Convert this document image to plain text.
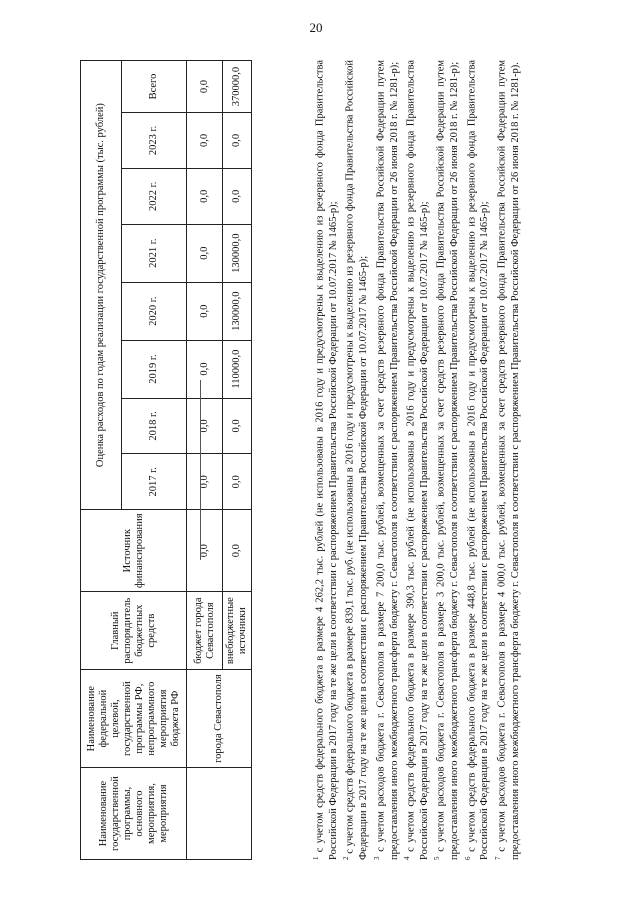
20
Наименование государственной программы, основного мероприятия, мероприятия	Наименование федеральной целевой, государственной программы РФ, непрограммного мероприятия бюджета РФ	Главный распорядитель бюджетных средств	Источник финансирования	Оценка расходов по годам реализации государственной программы (тыс. рублей)							
				2017 г.	2018 г.	2019 г.	2020 г.	2021 г.	2022 г.	2023 г.	Всего
	города Севастополя	бюджет города Севастополя	0,0	0,0	0,0	0,0	0,0	0,0	0,0	0,0	0,0
		внебюджетные источники	0,0	0,0	0,0	110000,0	130000,0	130000,0	0,0	0,0	370000,0

$^1$ с учетом средств федерального бюджета в размере 4 262,2 тыс. рублей (не использованы в 2016 году и предусмотрены к выделению из резервного фонда Правительства Российской Федерации в 2017 году на те же цели в соответствии с распоряжением Правительства Российской Федерации от 10.07.2017 № 1465-р); $^2$ с учетом средств федерального бюджета в размере 839,1 тыс. руб. (не использованы в 2016 году и предусмотрены к выделению из резервного фонда Правительства Российской Федерации в 2017 году на те же цели в соответствии с распоряжением Правительства Российской Федерации от 10.07.2017 № 1465-р); $^3$ с учетом расходов бюджета г. Севастополя в размере 7 200,0 тыс. рублей, возмещенных за счет средств резервного фонда Правительства Российской Федерации путем предоставления иного межбюджетного трансферта бюджету г. Севастополя в соответствии с распоряжением Правительства Российской Федерации от 26 июня 2018 г. № 1281-р); $^4$ с учетом средств федерального бюджета в размере 390,3 тыс. рублей (не использованы в 2016 году и предусмотрены к выделению из резервного фонда Правительства Российской Федерации в 2017 году на те же цели в соответствии с распоряжением Правительства Российской Федерации от 10.07.2017 № 1465-р); $^5$ с учетом расходов бюджета г. Севастополя в размере 3 200,0 тыс. рублей, возмещенных за счет средств резервного фонда Правительства Российской Федерации путем предоставления иного межбюджетного трансферта бюджету г. Севастополя в соответствии с распоряжением Правительства Российской Федерации от 26 июня 2018 г. № 1281-р); $^6$ с учетом средств федерального бюджета в размере 448,8 тыс. рублей (не использованы в 2016 году и предусмотрены к выделению из резервного фонда Правительства Российской Федерации в 2017 году на те же цели в соответствии с распоряжением Правительства Российской Федерации от 10.07.2017 № 1465-р); $^7$ с учетом расходов бюджета г. Севастополя в размере 4 000,0 тыс. рублей, возмещенных за счет средств резервного фонда Правительства Российской Федерации путем предоставления иного межбюджетного трансферта бюджету г. Севастополя в соответствии с распоряжением Правительства Российской Федерации от 26 июня 2018 г. № 1281-р).
